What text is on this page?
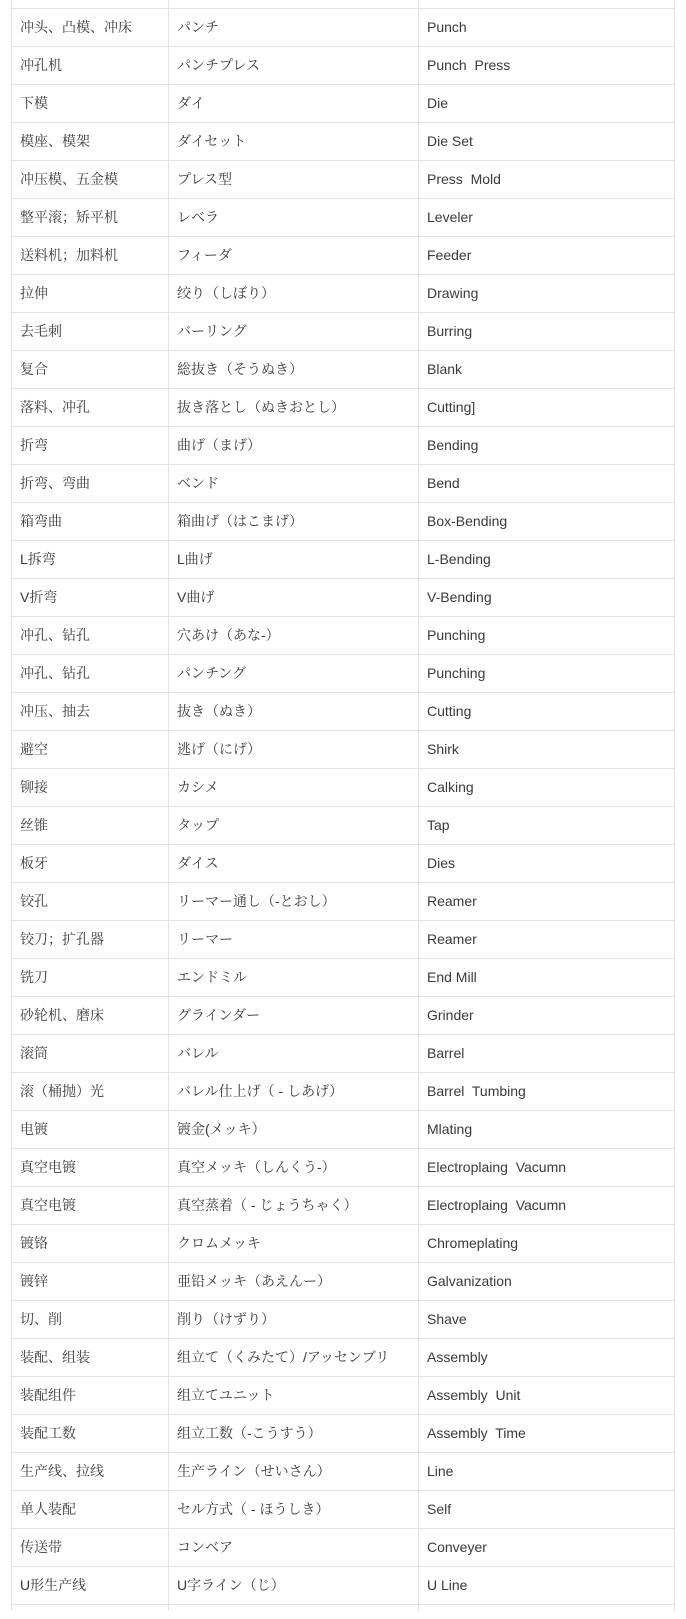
冲头、凸模、冲床	パンチ	Punch
冲孔机	パンチプレス	Punch  Press
下模	ダイ	Die
模座、模架	ダイセット	Die Set
冲压模、五金模	プレス型	Press  Mold
整平滚；矫平机	レベラ	Leveler
送料机；加料机	フィーダ	Feeder
拉伸	绞り（しぼり）	Drawing
去毛刺	バーリング	Burring
复合	総抜き（そうぬき）	Blank
落料、冲孔	抜き落とし（ぬきおとし）	Cutting]
折弯	曲げ（まげ）	Bending
折弯、弯曲	ベンド	Bend
箱弯曲	箱曲げ（はこまげ）	Box-Bending
L拆弯	L曲げ	L-Bending
V折弯	V曲げ	V-Bending
冲孔、钻孔	穴あけ（あな-）	Punching
冲孔、钻孔	パンチング	Punching
冲压、抽去	抜き（ぬき）	Cutting
避空	逃げ（にげ）	Shirk
铆接	カシメ	Calking
丝锥	タップ	Tap
板牙	ダイス	Dies
铰孔	リーマー通し（-とおし）	Reamer
铰刀；扩孔器	リーマー	Reamer
铣刀	エンドミル	End Mill
砂轮机、磨床	グラインダー	Grinder
滚筒	バレル	Barrel
滚（桶抛）光	バレル仕上げ（ - しあげ）	Barrel  Tumbing
电镀	镀金(メッキ）	Mlating
真空电镀	真空メッキ（しんくう-）	Electroplaing  Vacumn
真空电镀	真空蒸着（ - じょうちゃく）	Electroplaing  Vacumn
镀铬	クロムメッキ	Chromeplating
镀锌	亜铅メッキ（あえんー）	Galvanization
切、削	削り（けずり）	Shave
装配、组装	组立て（くみたて）/アッセンブリ	Assembly
装配组件	组立てユニット	Assembly  Unit
装配工数	组立工数（-こうすう）	Assembly  Time
生产线、拉线	生产ライン（せいさん）	Line
单人装配	セル方式（ - ほうしき）	Self
传送带	コンベア	Conveyer
U形生产线	U字ライン（じ）	U Line
